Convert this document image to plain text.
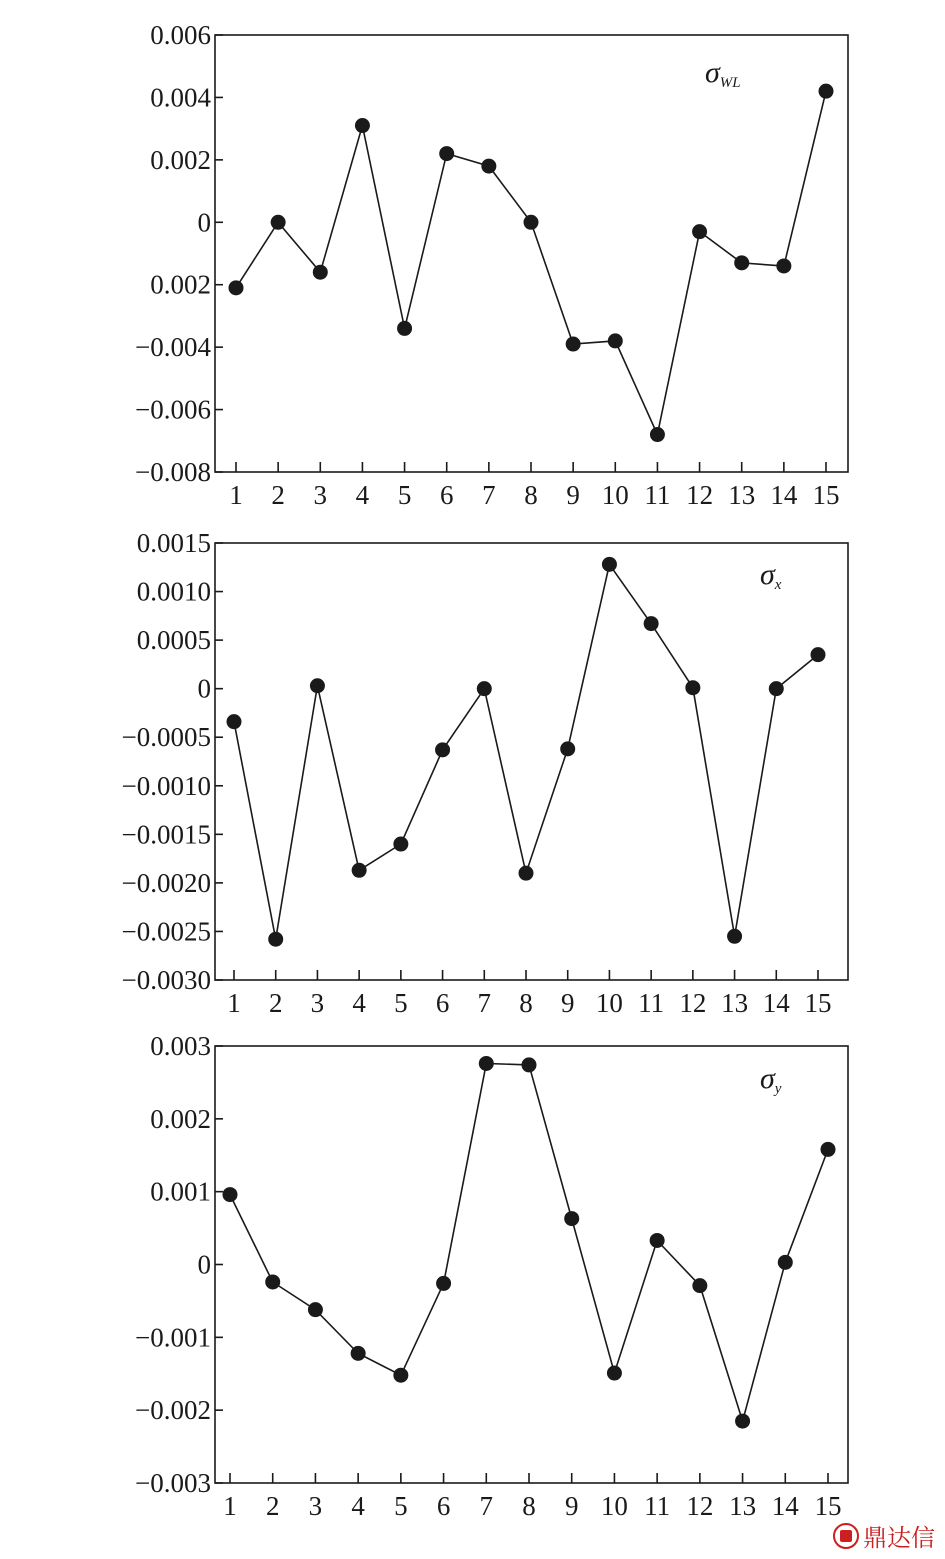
0.006
0.004
0.002
0
0.002
−0.004
−0.006
−0.008
1 2 3 4 5 6 7 8 9 10 11 12 13 14 15
σWL
0.0015
0.0010
0.0005
0
−0.0005
−0.0010
−0.0015
−0.0020
−0.0025
−0.0030
1 2 3 4 5 6 7 8 9 10 11 12 13 14 15
σx
0.003
0.002
0.001
0
−0.001
−0.002
−0.003
1 2 3 4 5 6 7 8 9 10 11 12 13 14 15
σy
鼎达信
